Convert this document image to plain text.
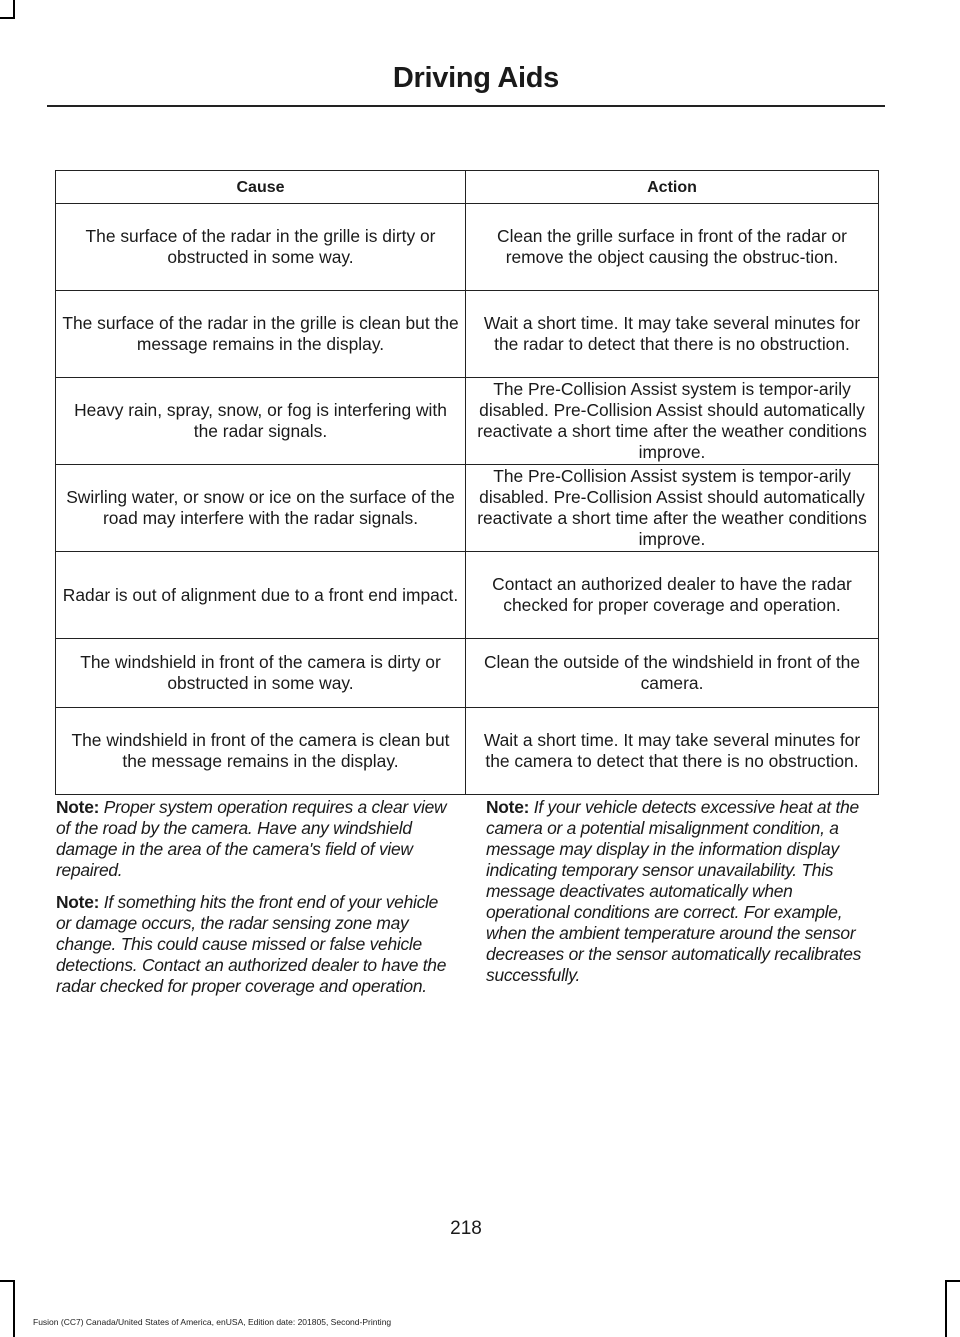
Driving Aids
Cause	Action
The surface of the radar in the grille is dirty or obstructed in some way.	Clean the grille surface in front of the radar or remove the object causing the obstruc-tion.
The surface of the radar in the grille is clean but the message remains in the display.	Wait a short time. It may take several minutes for the radar to detect that there is no obstruction.
Heavy rain, spray, snow, or fog is interfering with the radar signals.	The Pre-Collision Assist system is tempor-arily disabled. Pre-Collision Assist should automatically reactivate a short time after the weather conditions improve.
Swirling water, or snow or ice on the surface of the road may interfere with the radar signals.	The Pre-Collision Assist system is tempor-arily disabled. Pre-Collision Assist should automatically reactivate a short time after the weather conditions improve.
Radar is out of alignment due to a front end impact.	Contact an authorized dealer to have the radar checked for proper coverage and operation.
The windshield in front of the camera is dirty or obstructed in some way.	Clean the outside of the windshield in front of the camera.
The windshield in front of the camera is clean but the message remains in the display.	Wait a short time. It may take several minutes for the camera to detect that there is no obstruction.

Note: Proper system operation requires a clear view of the road by the camera. Have any windshield damage in the area of the camera's field of view repaired.

Note: If something hits the front end of your vehicle or damage occurs, the radar sensing zone may change. This could cause missed or false vehicle detections. Contact an authorized dealer to have the radar checked for proper coverage and operation.

Note: If your vehicle detects excessive heat at the camera or a potential misalignment condition, a message may display in the information display indicating temporary sensor unavailability. This message deactivates automatically when operational conditions are correct. For example, when the ambient temperature around the sensor decreases or the sensor automatically recalibrates successfully.

218
Fusion (CC7) Canada/United States of America, enUSA, Edition date: 201805, Second-Printing
